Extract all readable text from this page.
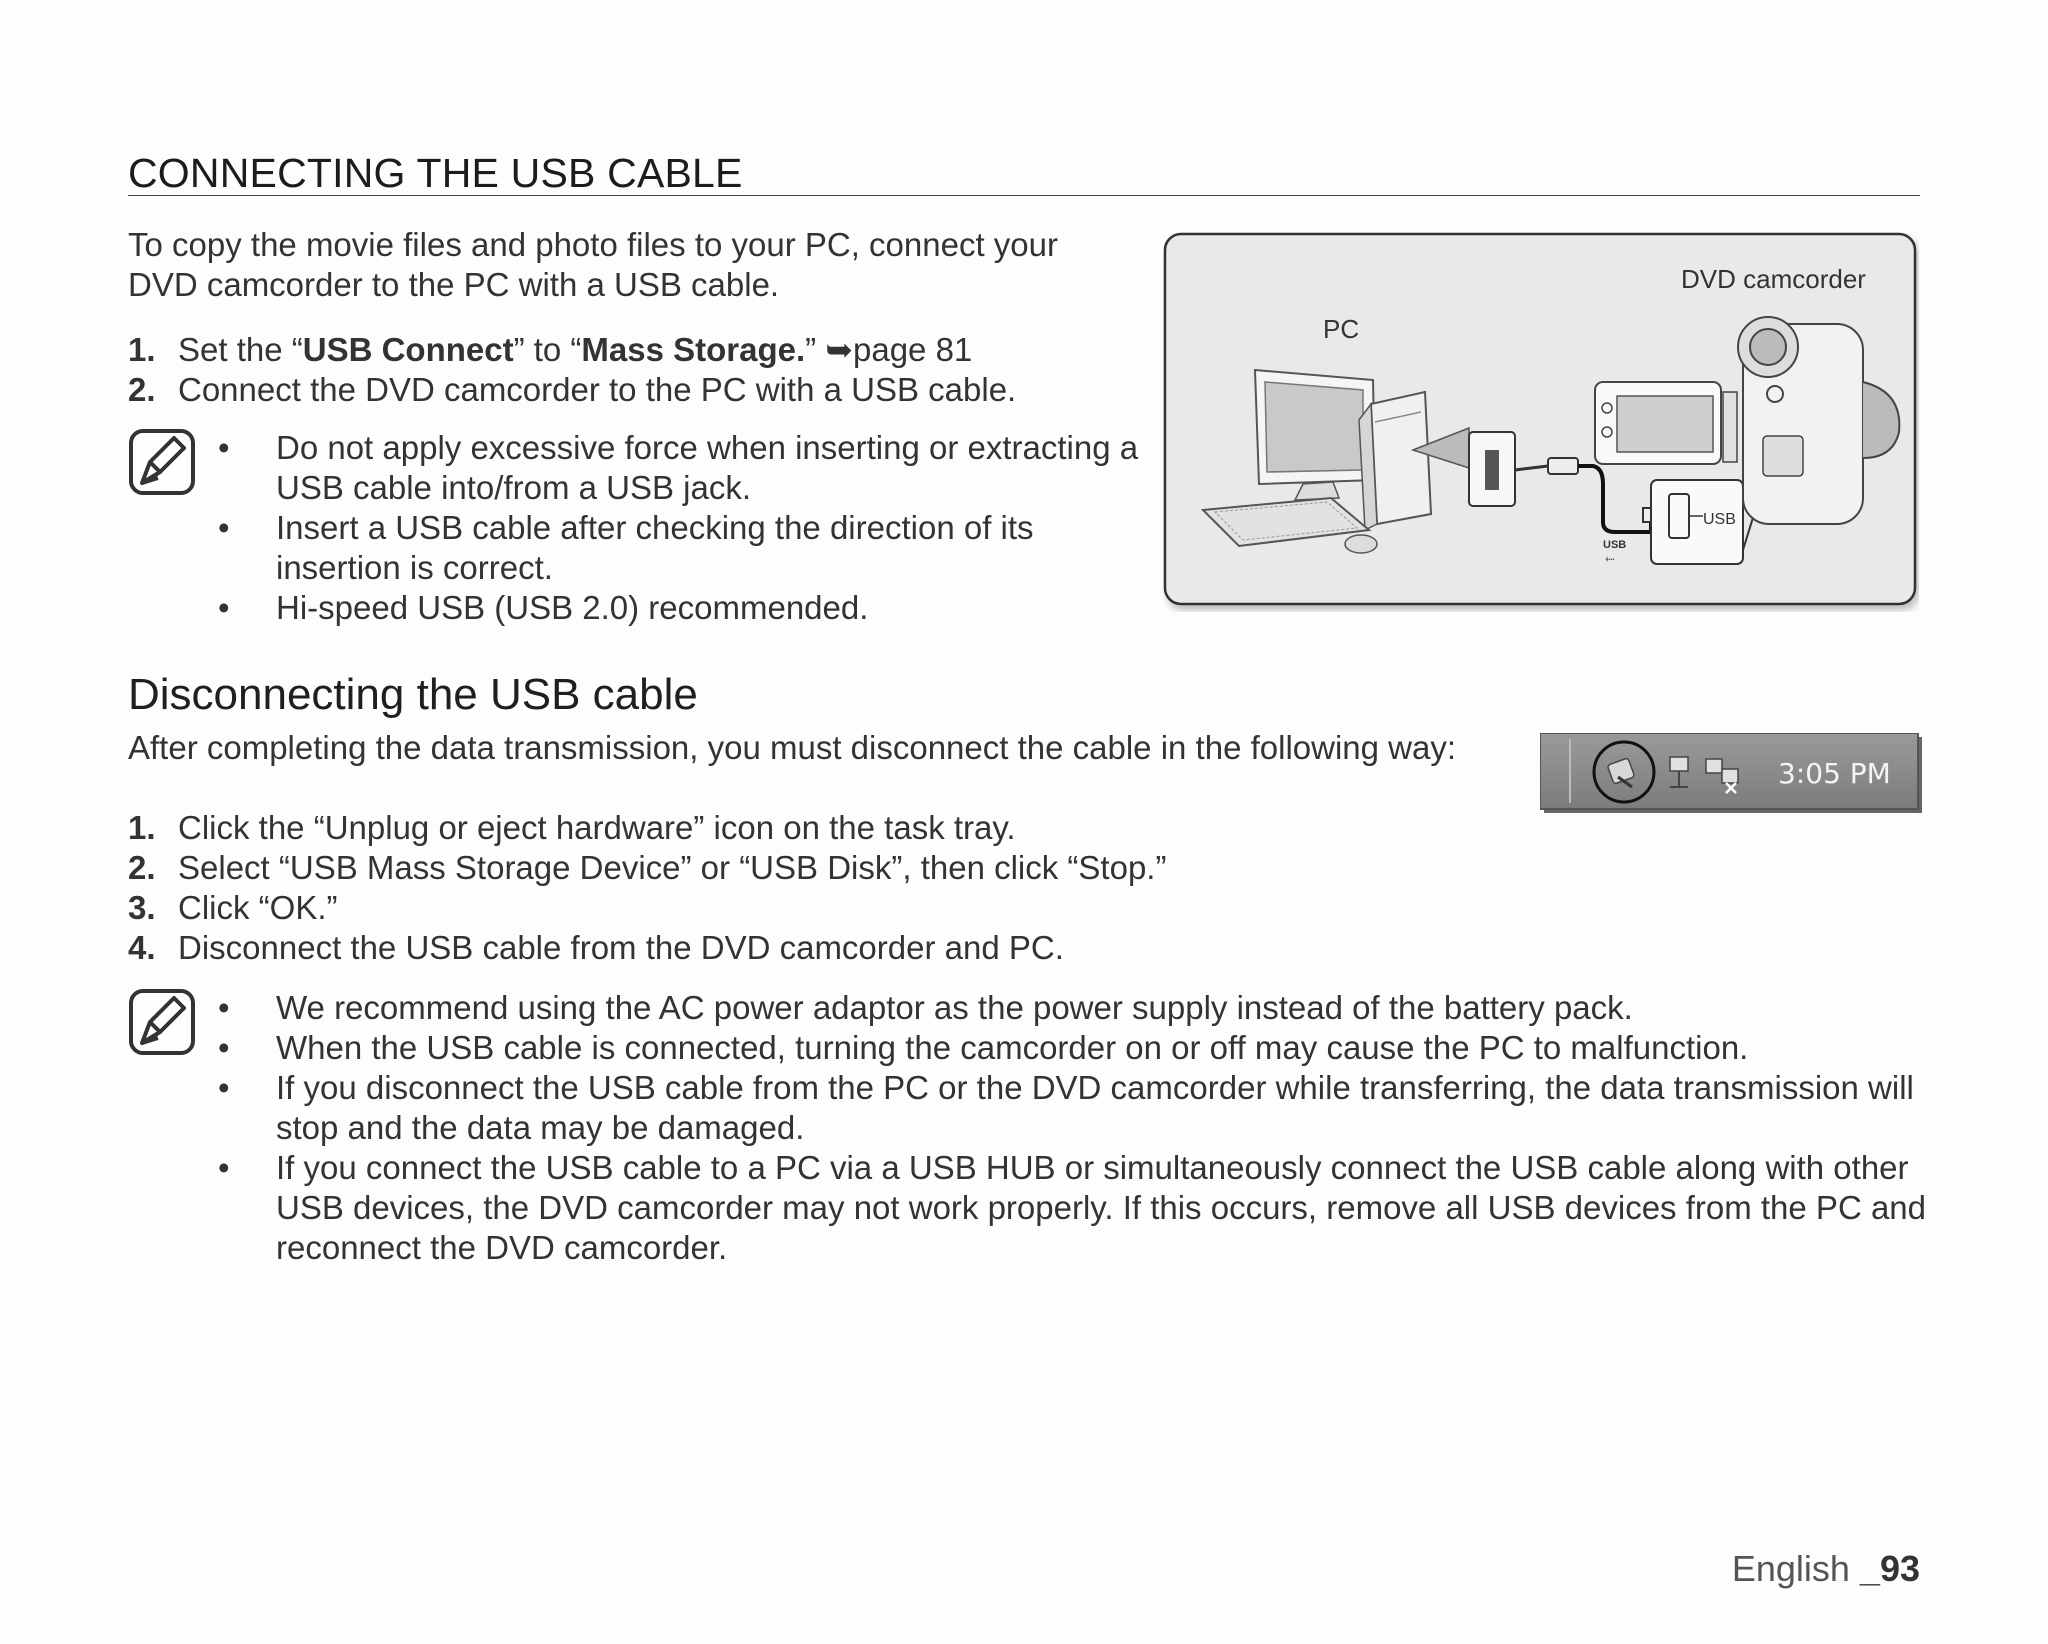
CONNECTING THE USB CABLE
To copy the movie files and photo files to your PC, connect your DVD camcorder to the PC with a USB cable.
1. Set the “USB Connect” to “Mass Storage.” ➥page 81
2. Connect the DVD camcorder to the PC with a USB cable.
• Do not apply excessive force when inserting or extracting a USB cable into/from a USB jack.
• Insert a USB cable after checking the direction of its insertion is correct.
• Hi-speed USB (USB 2.0) recommended.
PC
DVD camcorder
USB
⬸
USB
Disconnecting the USB cable
After completing the data transmission, you must disconnect the cable in the following way:
1. Click the “Unplug or eject hardware” icon on the task tray.
2. Select “USB Mass Storage Device” or “USB Disk”, then click “Stop.”
3. Click “OK.”
4. Disconnect the USB cable from the DVD camcorder and PC.
3:05 PM
• We recommend using the AC power adaptor as the power supply instead of the battery pack.
• When the USB cable is connected, turning the camcorder on or off may cause the PC to malfunction.
• If you disconnect the USB cable from the PC or the DVD camcorder while transferring, the data transmission will stop and the data may be damaged.
• If you connect the USB cable to a PC via a USB HUB or simultaneously connect the USB cable along with other USB devices, the DVD camcorder may not work properly. If this occurs, remove all USB devices from the PC and reconnect the DVD camcorder.
English _93
